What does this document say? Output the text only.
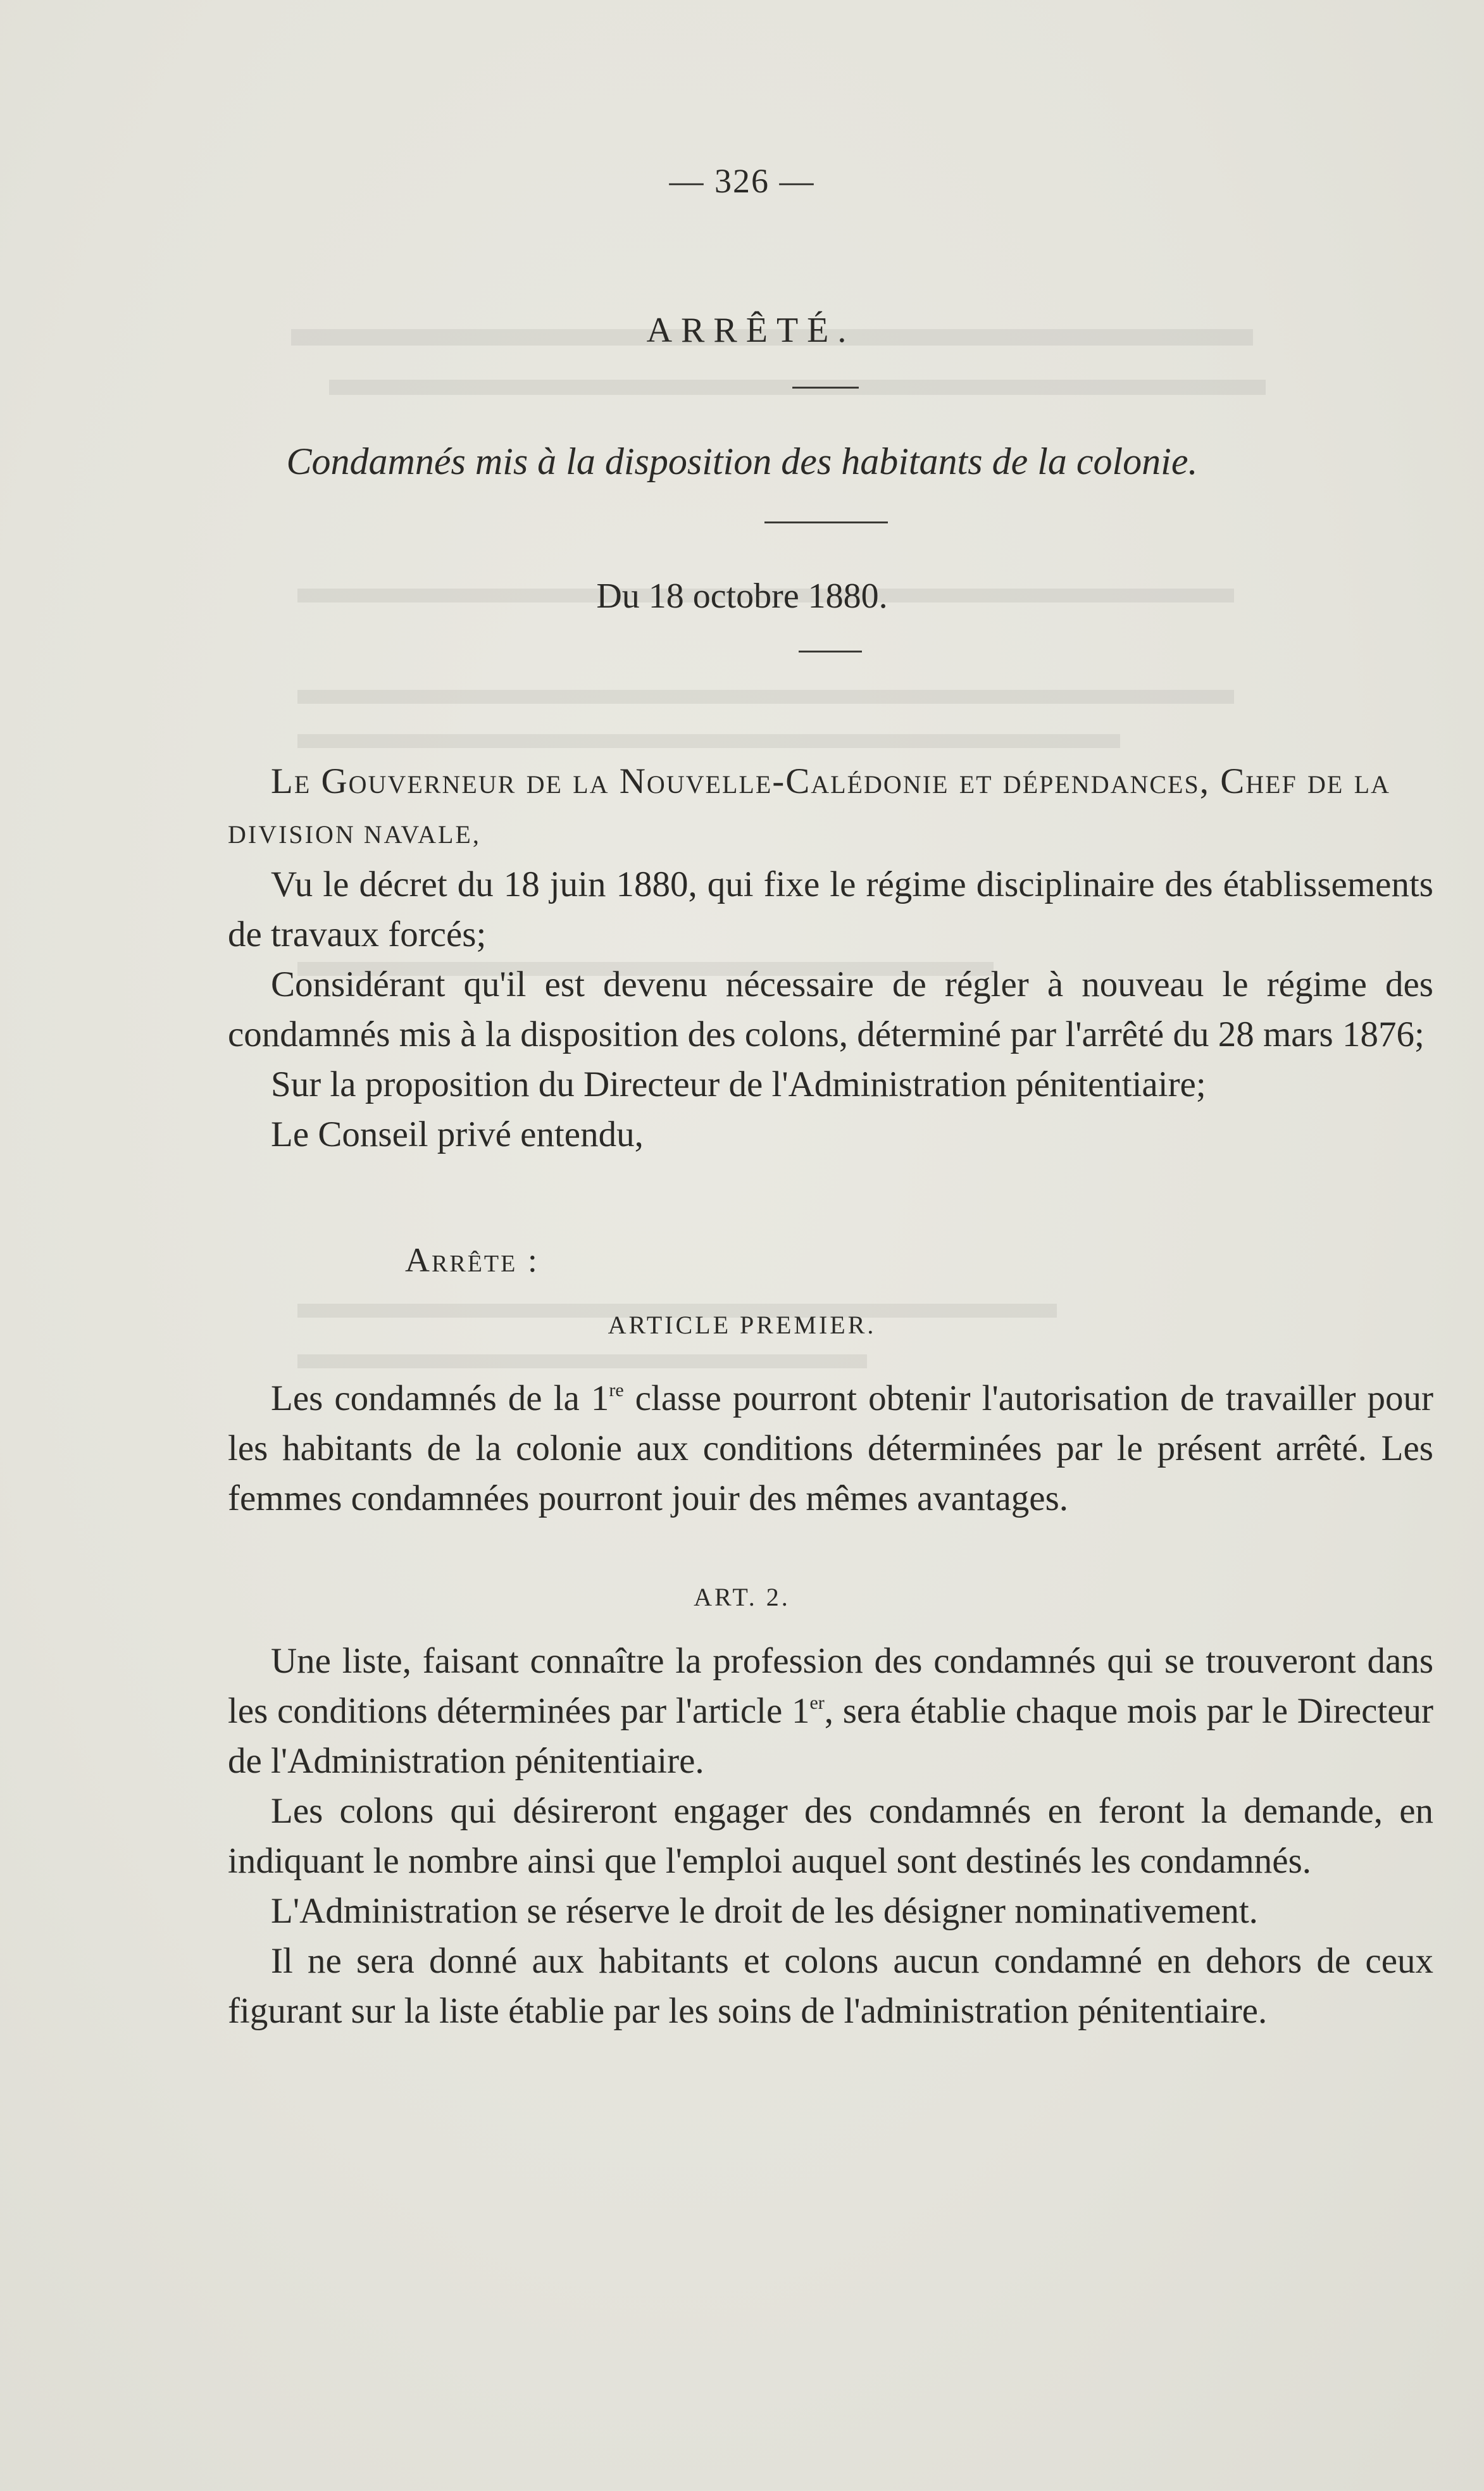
— 326 —
ARRÊTÉ.
Condamnés mis à la disposition des habitants de la colonie.
Du 18 octobre 1880.

Le Gouverneur de la Nouvelle-Calédonie et dépendances, Chef de la
DIVISION NAVALE,

Vu le décret du 18 juin 1880, qui fixe le régime disciplinaire des établissements de travaux forcés;

Considérant qu'il est devenu nécessaire de régler à nouveau le régime des condamnés mis à la disposition des colons, déterminé par l'arrêté du 28 mars 1876;

Sur la proposition du Directeur de l'Administration pénitentiaire;

Le Conseil privé entendu,

Arrête :
ARTICLE PREMIER.

Les condamnés de la 1re classe pourront obtenir l'autorisation de travailler pour les habitants de la colonie aux conditions déterminées par le présent arrêté. Les femmes condamnées pourront jouir des mêmes avantages.

ART. 2.

Une liste, faisant connaître la profession des condamnés qui se trouveront dans les conditions déterminées par l'article 1er, sera établie chaque mois par le Directeur de l'Administration pénitentiaire.

Les colons qui désireront engager des condamnés en feront la demande, en indiquant le nombre ainsi que l'emploi auquel sont destinés les condamnés.

L'Administration se réserve le droit de les désigner nominativement.

Il ne sera donné aux habitants et colons aucun condamné en dehors de ceux figurant sur la liste établie par les soins de l'administration pénitentiaire.
